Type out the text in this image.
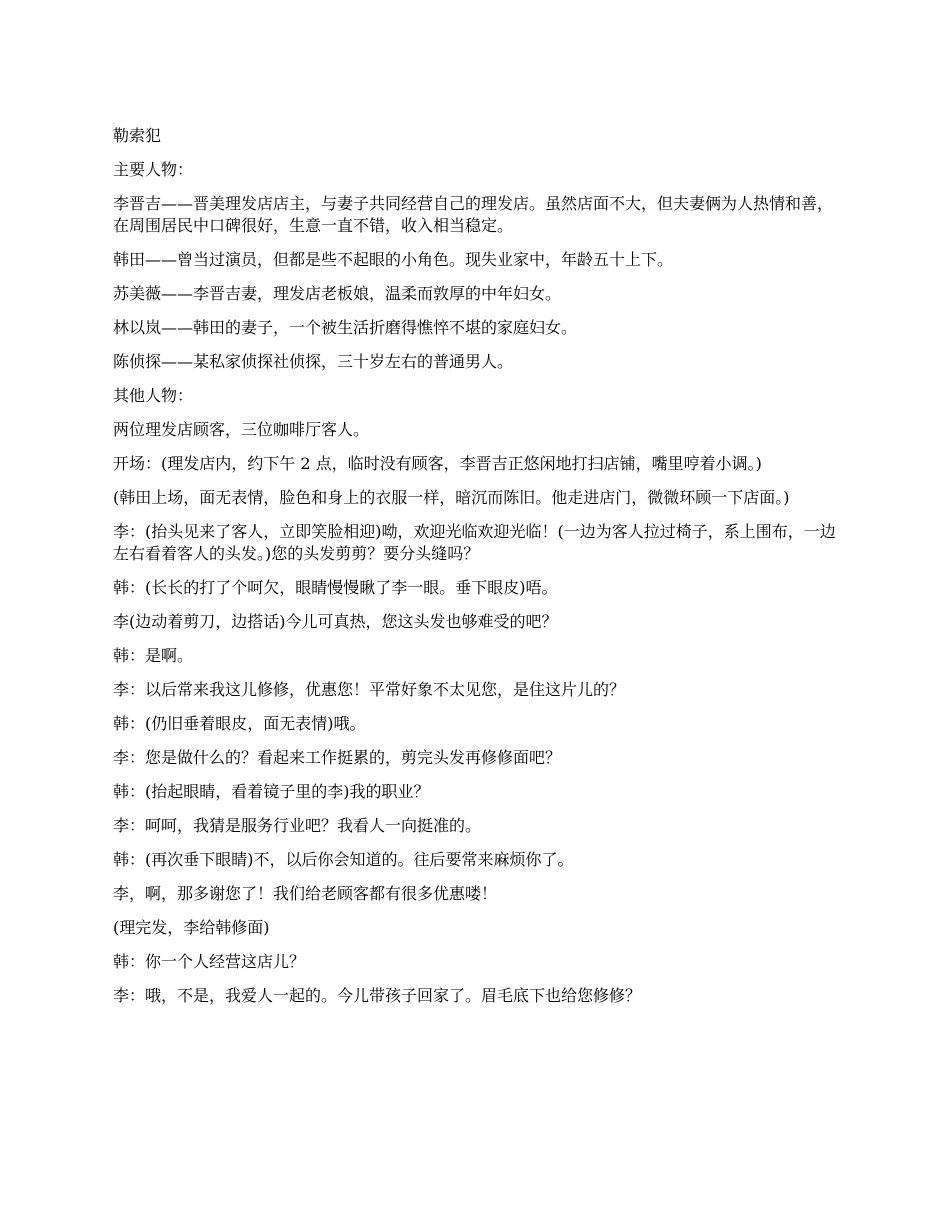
勒索犯

主要人物：

李晋吉——晋美理发店店主，与妻子共同经营自己的理发店。虽然店面不大，但夫妻俩为人热情和善，在周围居民中口碑很好，生意一直不错，收入相当稳定。

韩田——曾当过演员，但都是些不起眼的小角色。现失业家中，年龄五十上下。

苏美薇——李晋吉妻，理发店老板娘，温柔而敦厚的中年妇女。

林以岚——韩田的妻子，一个被生活折磨得憔悴不堪的家庭妇女。

陈侦探——某私家侦探社侦探，三十岁左右的普通男人。

其他人物：

两位理发店顾客，三位咖啡厅客人。

开场：(理发店内，约下午 2 点，临时没有顾客，李晋吉正悠闲地打扫店铺，嘴里哼着小调。)

(韩田上场，面无表情，脸色和身上的衣服一样，暗沉而陈旧。他走进店门，微微环顾一下店面。)

李：(抬头见来了客人，立即笑脸相迎)呦，欢迎光临欢迎光临！(一边为客人拉过椅子，系上围布，一边左右看着客人的头发。)您的头发剪剪？要分头缝吗？

韩：(长长的打了个呵欠，眼睛慢慢瞅了李一眼。垂下眼皮)唔。

李(边动着剪刀，边搭话)今儿可真热，您这头发也够难受的吧？

韩：是啊。

李：以后常来我这儿修修，优惠您！平常好象不太见您，是住这片儿的？

韩：(仍旧垂着眼皮，面无表情)哦。

李：您是做什么的？看起来工作挺累的，剪完头发再修修面吧？

韩：(抬起眼睛，看着镜子里的李)我的职业？

李：呵呵，我猜是服务行业吧？我看人一向挺准的。

韩：(再次垂下眼睛)不，以后你会知道的。往后要常来麻烦你了。

李，啊，那多谢您了！我们给老顾客都有很多优惠喽！

(理完发，李给韩修面)

韩：你一个人经营这店儿？

李：哦，不是，我爱人一起的。今儿带孩子回家了。眉毛底下也给您修修？
